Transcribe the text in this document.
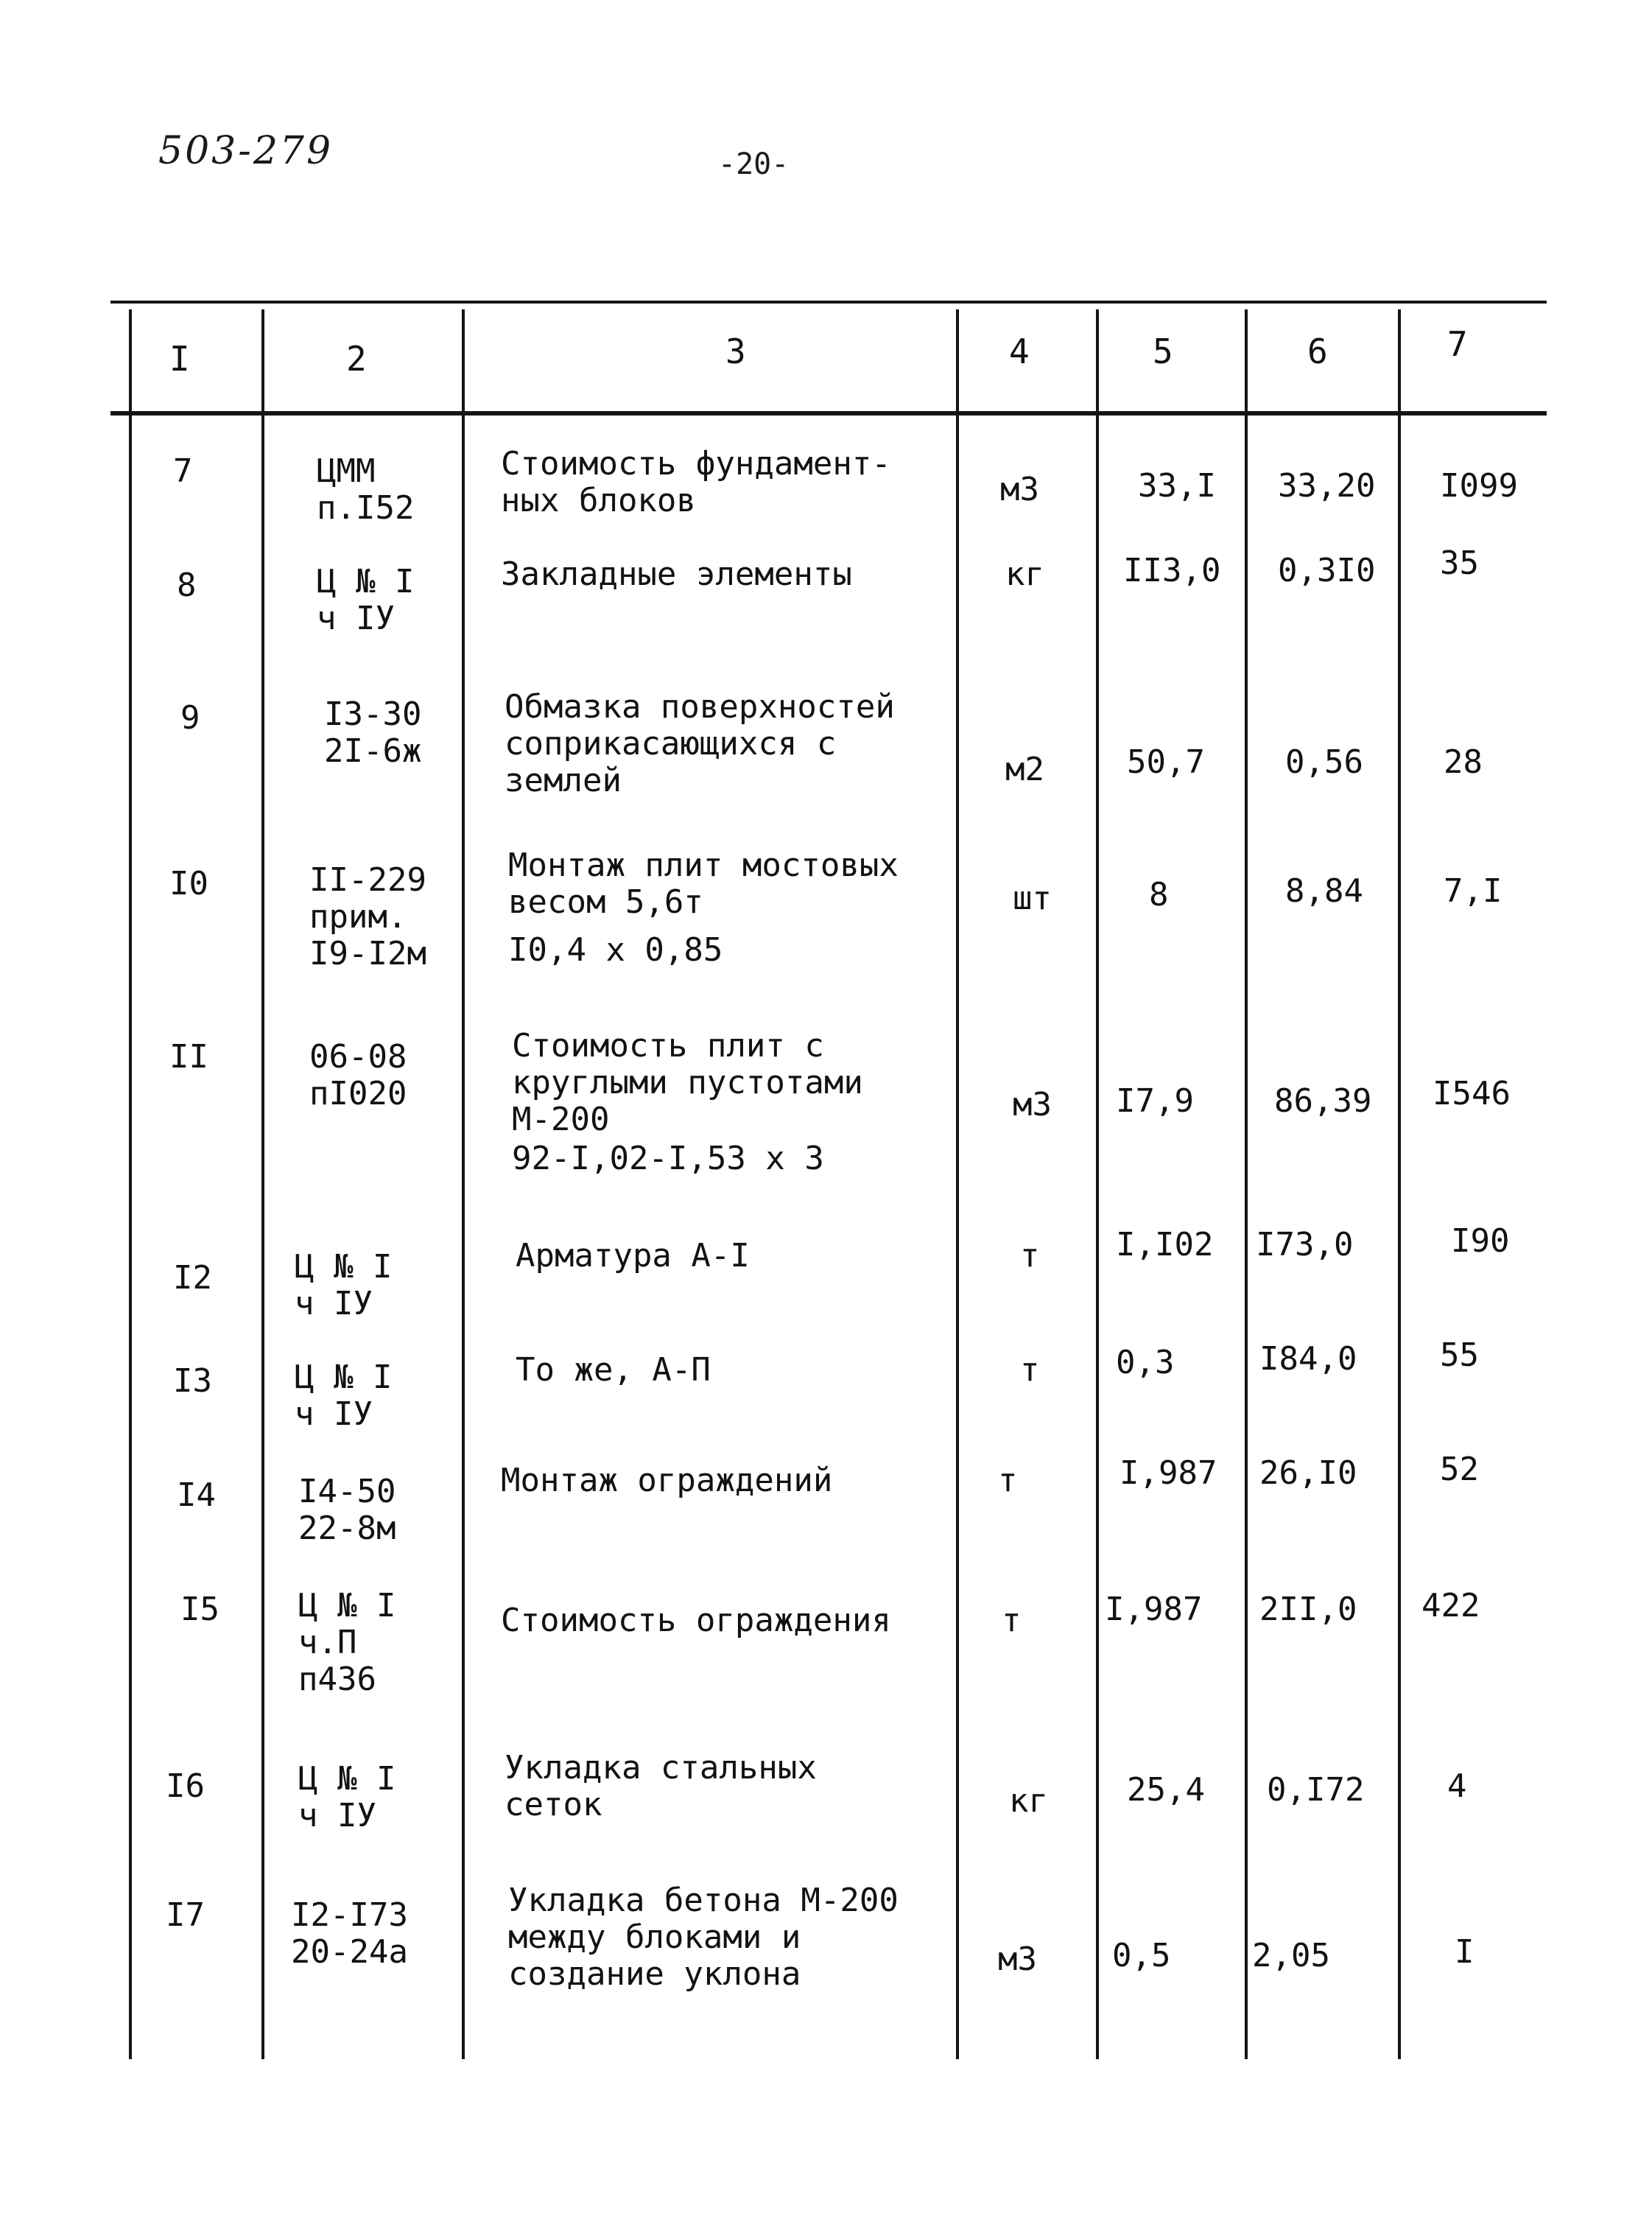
503-279	-20-
I	2	3	4	5	6	7
7	ЦММ
п.I52
Стоимость фундамент-
ных блоков	м3	33,I 33,20 I099
8	Ц № I
ч IУ
Закладные элементы	кг II3,0 0,3I0 35
9	I3-30
2I-6ж
Обмазка поверхностей
соприкасающихся с
землей	м2	50,7 0,56 28
I0	II-229
прим.
I9-I2м
Монтаж плит мостовых
весом 5,6т
I0,4 х 0,85
шт	8	8,84 7,I
II	06-08
пI020
Стоимость плит с
круглыми пустотами
М-200
92-I,02-I,53 х 3
м3 I7,9 86,39 I546
I2	Ц № I
ч IУ
Арматура А-I	т I,I02 I73,0	I90
I3	Ц № I
ч IУ
То же, А-П	т 0,3	I84,0	55
I4	I4-50
22-8м
Монтаж ограждений	т	I,987 26,I0	52
I5 Ц № I
ч.П
п436
Стоимость ограждения	т	I,987 2II,0 422
I6	Ц № I
ч IУ
Укладка стальных
сеток	кг 25,4 0,I72	4
I7	I2-I73
20-24а
Укладка бетона М-200
между блоками и
создание уклона	м3 0,5	2,05	I
